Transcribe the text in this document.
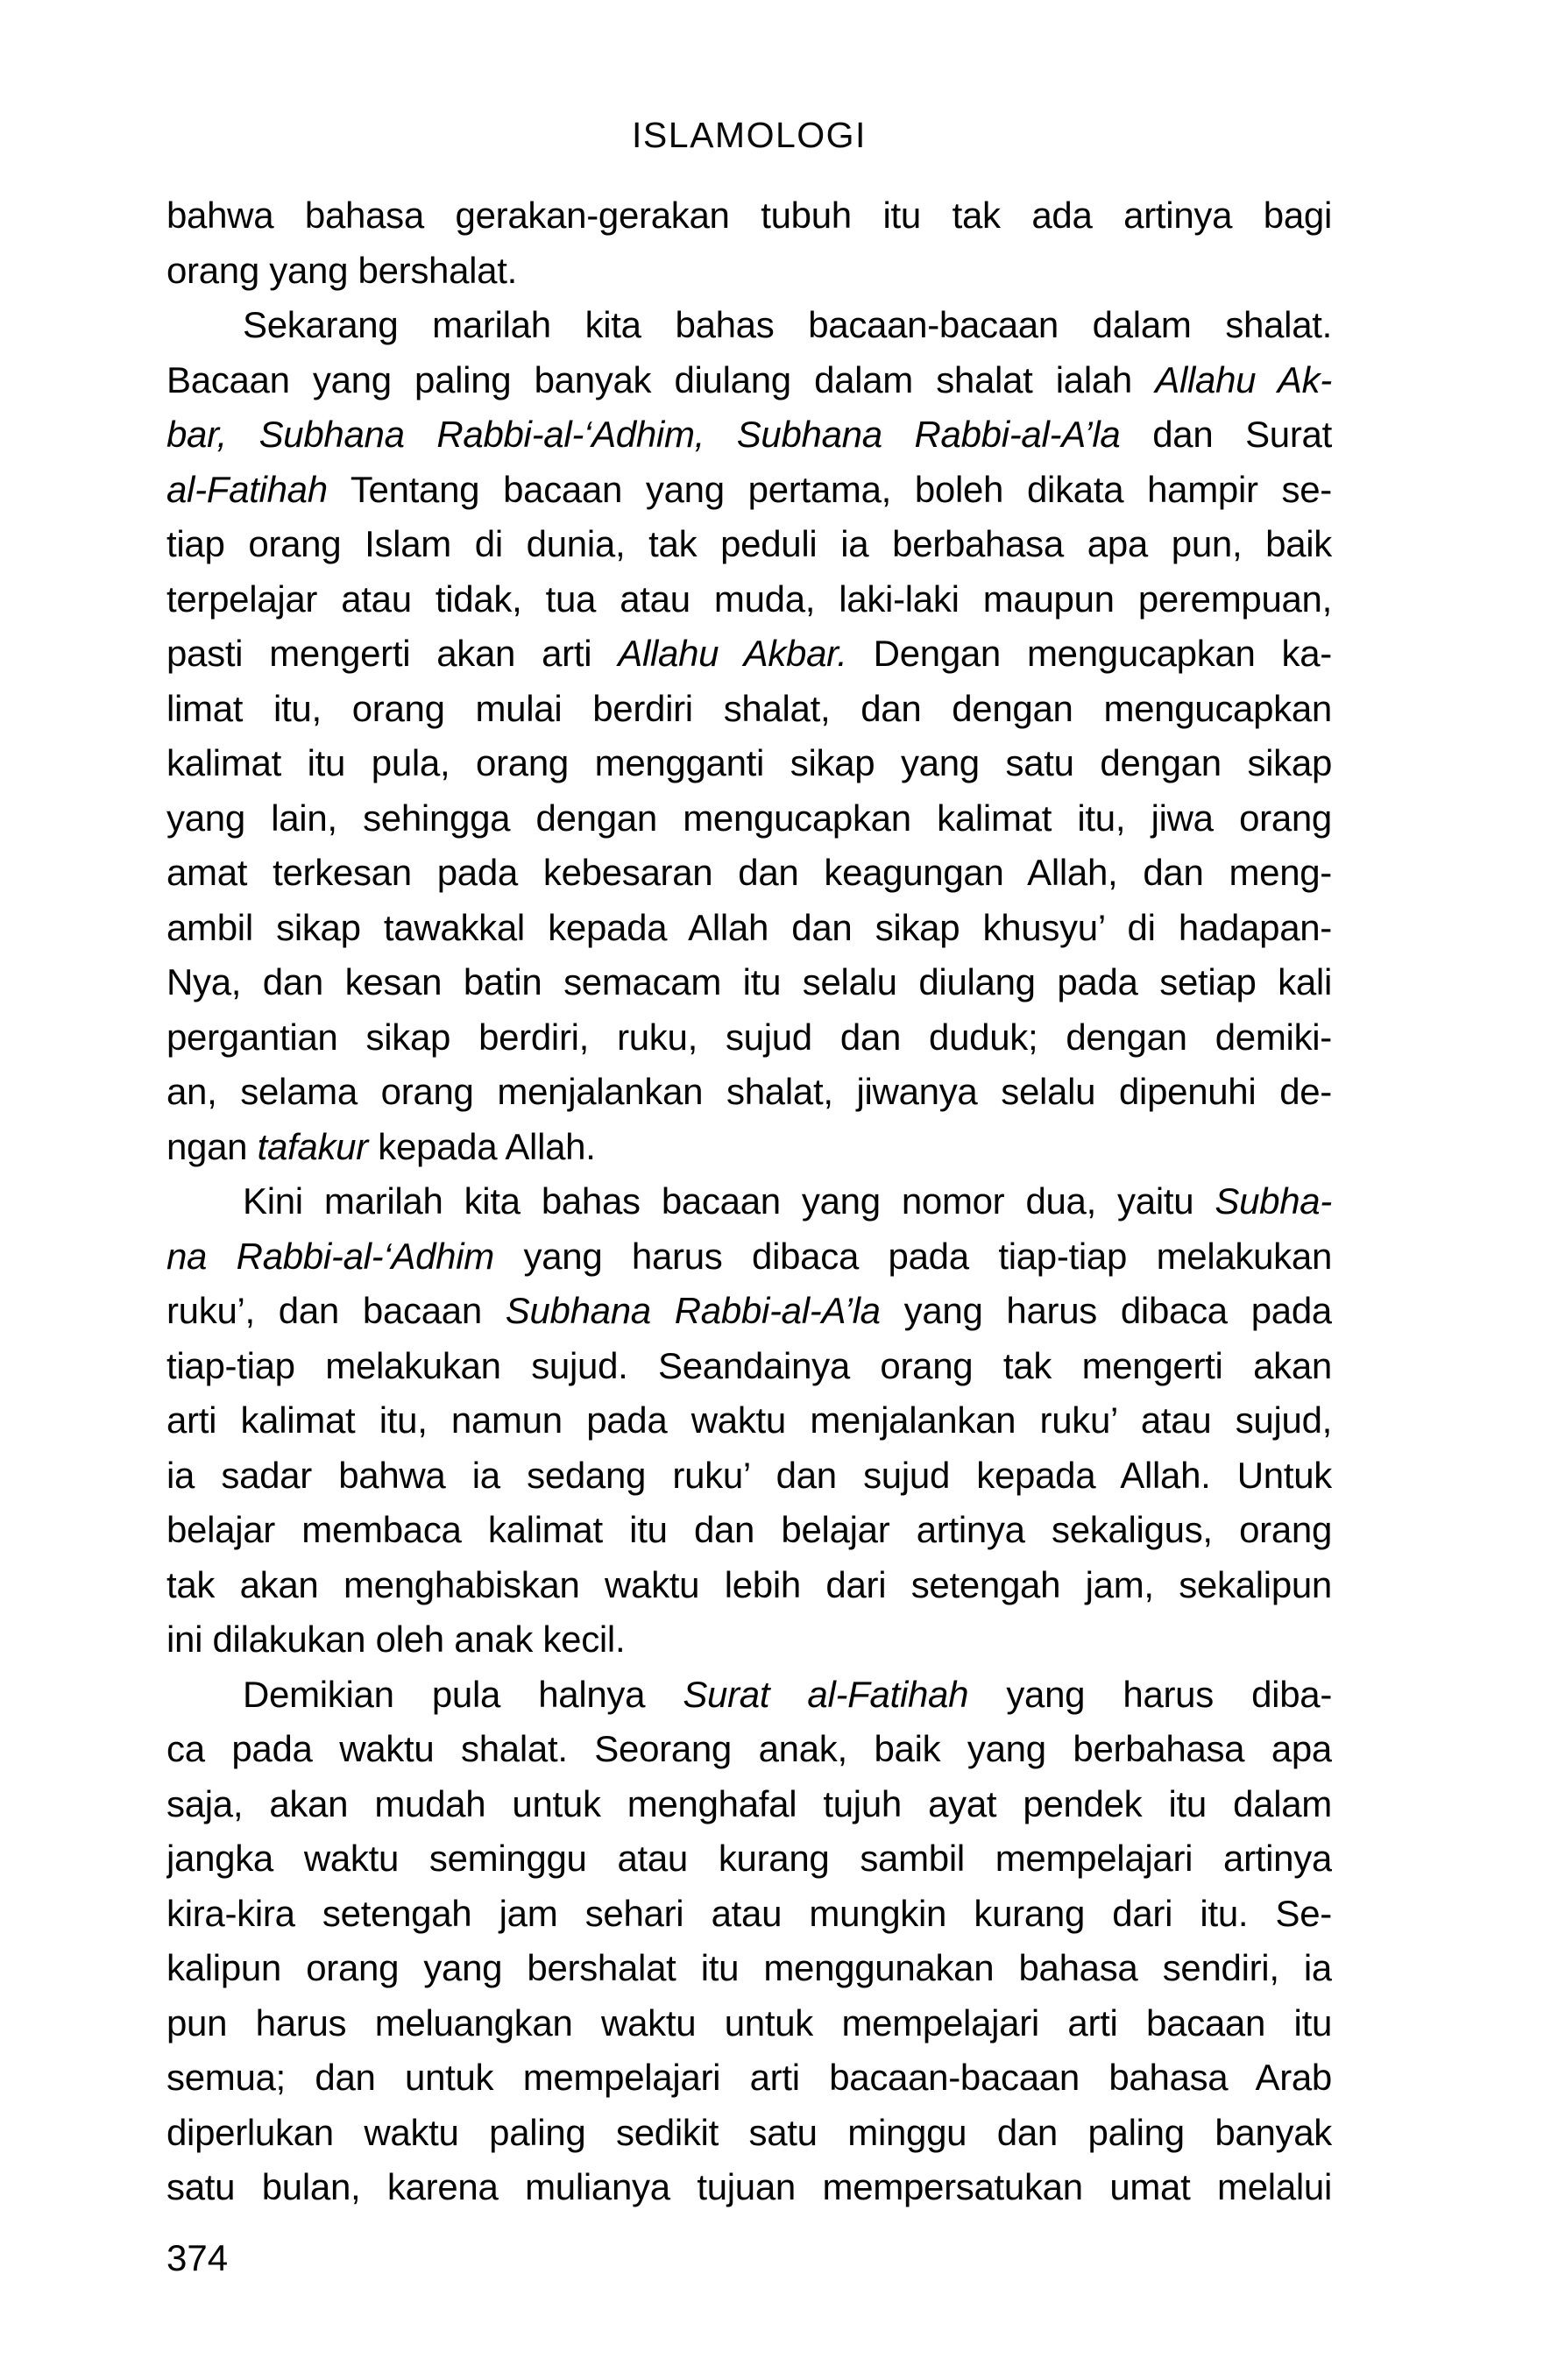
ISLAMOLOGI
bahwa bahasa gerakan-gerakan tubuh itu tak ada artinya bagi
orang yang bershalat.
Sekarang marilah kita bahas bacaan-bacaan dalam shalat.
Bacaan yang paling banyak diulang dalam shalat ialah Allahu Ak-
bar, Subhana Rabbi-al-‘Adhim, Subhana Rabbi-al-A’la dan Surat
al-Fatihah Tentang bacaan yang pertama, boleh dikata hampir se-
tiap orang Islam di dunia, tak peduli ia berbahasa apa pun, baik
terpelajar atau tidak, tua atau muda, laki-laki maupun perempuan,
pasti mengerti akan arti Allahu Akbar. Dengan mengucapkan ka-
limat itu, orang mulai berdiri shalat, dan dengan mengucapkan
kalimat itu pula, orang mengganti sikap yang satu dengan sikap
yang lain, sehingga dengan mengucapkan kalimat itu, jiwa orang
amat terkesan pada kebesaran dan keagungan Allah, dan meng-
ambil sikap tawakkal kepada Allah dan sikap khusyu’ di hadapan-
Nya, dan kesan batin semacam itu selalu diulang pada setiap kali
pergantian sikap berdiri, ruku, sujud dan duduk; dengan demiki-
an, selama orang menjalankan shalat, jiwanya selalu dipenuhi de-
ngan tafakur kepada Allah.
Kini marilah kita bahas bacaan yang nomor dua, yaitu Subha-
na Rabbi-al-‘Adhim yang harus dibaca pada tiap-tiap melakukan
ruku’, dan bacaan Subhana Rabbi-al-A’la yang harus dibaca pada
tiap-tiap melakukan sujud. Seandainya orang tak mengerti akan
arti kalimat itu, namun pada waktu menjalankan ruku’ atau sujud,
ia sadar bahwa ia sedang ruku’ dan sujud kepada Allah. Untuk
belajar membaca kalimat itu dan belajar artinya sekaligus, orang
tak akan menghabiskan waktu lebih dari setengah jam, sekalipun
ini dilakukan oleh anak kecil.
Demikian pula halnya Surat al-Fatihah yang harus diba-
ca pada waktu shalat. Seorang anak, baik yang berbahasa apa
saja, akan mudah untuk menghafal tujuh ayat pendek itu dalam
jangka waktu seminggu atau kurang sambil mempelajari artinya
kira-kira setengah jam sehari atau mungkin kurang dari itu. Se-
kalipun orang yang bershalat itu menggunakan bahasa sendiri, ia
pun harus meluangkan waktu untuk mempelajari arti bacaan itu
semua; dan untuk mempelajari arti bacaan-bacaan bahasa Arab
diperlukan waktu paling sedikit satu minggu dan paling banyak
satu bulan, karena mulianya tujuan mempersatukan umat melalui
374
